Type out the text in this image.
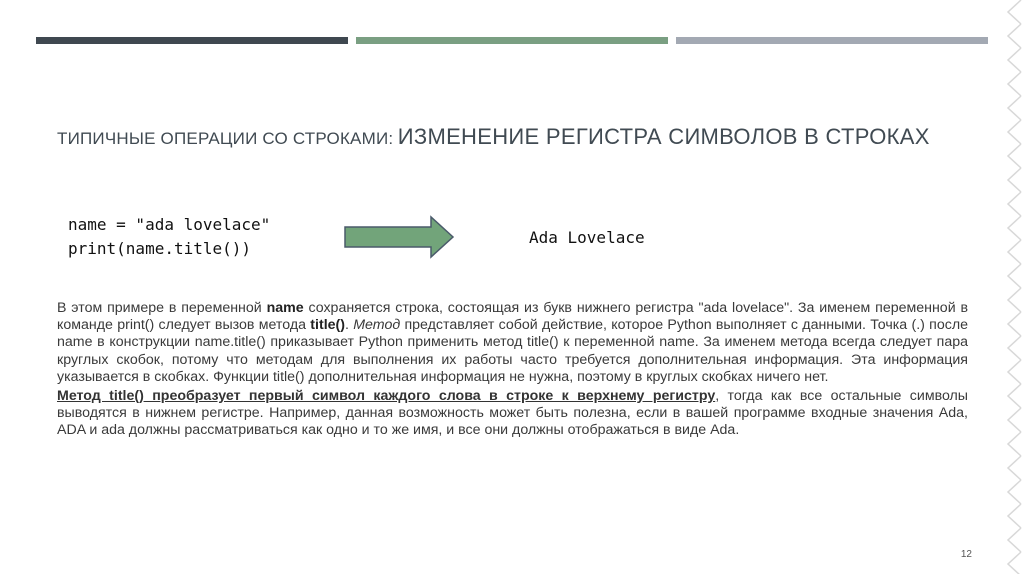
ТИПИЧНЫЕ ОПЕРАЦИИ СО СТРОКАМИ: ИЗМЕНЕНИЕ РЕГИСТРА СИМВОЛОВ В СТРОКАХ
name = "ada lovelace"
print(name.title())
Ada Lovelace

В этом примере в переменной name сохраняется строка, состоящая из букв нижнего регистра "ada lovelace". За именем переменной в команде print() следует вызов метода title(). Метод представляет собой действие, которое Python выполняет с данными. Точка (.) после name в конструкции name.title() приказывает Python применить метод title() к переменной name. За именем метода всегда следует пара круглых скобок, потому что методам для выполнения их работы часто требуется дополнительная информация. Эта информация указывается в скобках. Функции title() дополнительная информация не нужна, поэтому в круглых скобках ничего нет.

Метод title() преобразует первый символ каждого слова в строке к верхнему регистру, тогда как все остальные символы выводятся в нижнем регистре. Например, данная возможность может быть полезна, если в вашей программе входные значения Ada, ADA и ada должны рассматриваться как одно и то же имя, и все они должны отображаться в виде Ada.

12
